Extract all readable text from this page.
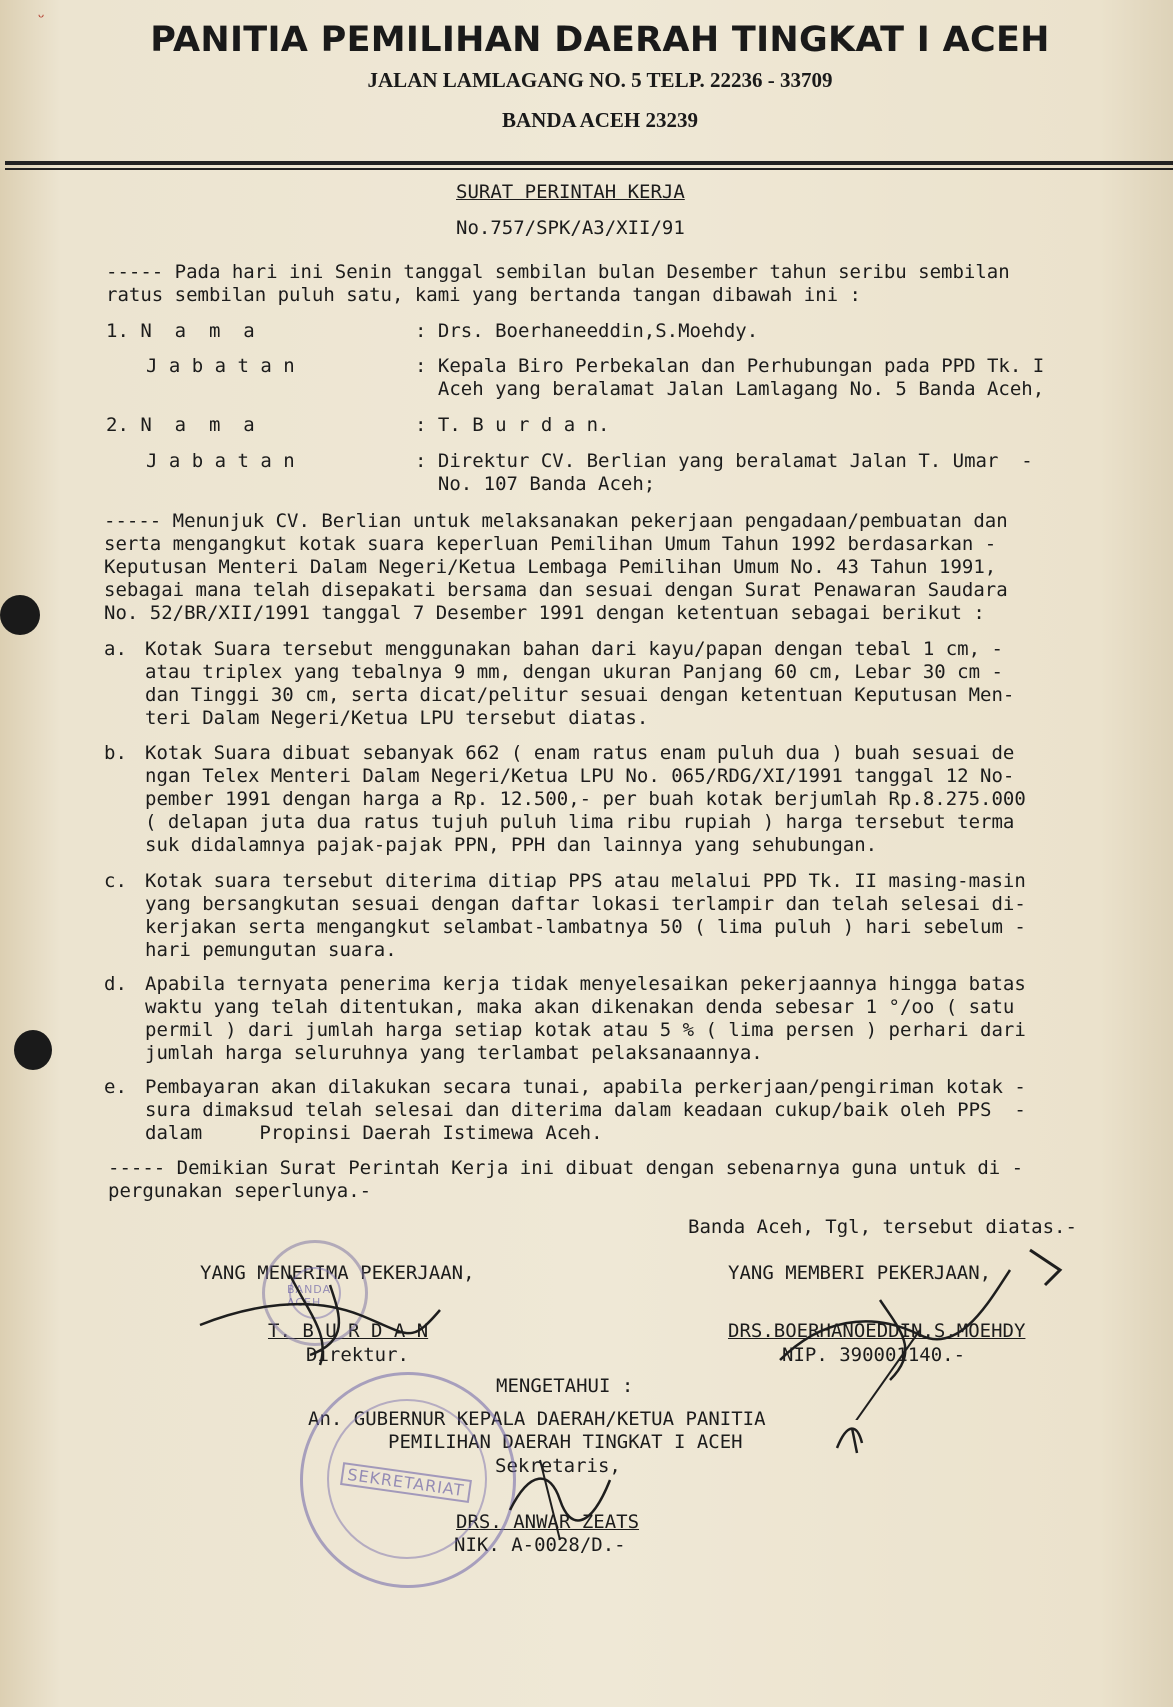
ᵕ
PANITIA PEMILIHAN DAERAH TINGKAT I ACEH
JALAN LAMLAGANG NO. 5 TELP. 22236 - 33709
BANDA ACEH 23239
SURAT PERINTAH KERJA
No.757/SPK/A3/XII/91
----- Pada hari ini Senin tanggal sembilan bulan Desember tahun seribu sembilan
ratus sembilan puluh satu, kami yang bertanda tangan dibawah ini :
1. N  a  m  a	: Drs. Boerhaneeddin,S.Moehdy.
J a b a t a n	: Kepala Biro Perbekalan dan Perhubungan pada PPD Tk. I
Aceh yang beralamat Jalan Lamlagang No. 5 Banda Aceh,
2. N  a  m  a	: T. B u r d a n.
J a b a t a n	: Direktur CV. Berlian yang beralamat Jalan T. Umar  -
No. 107 Banda Aceh;
----- Menunjuk CV. Berlian untuk melaksanakan pekerjaan pengadaan/pembuatan dan
serta mengangkut kotak suara keperluan Pemilihan Umum Tahun 1992 berdasarkan -
Keputusan Menteri Dalam Negeri/Ketua Lembaga Pemilihan Umum No. 43 Tahun 1991,
sebagai mana telah disepakati bersama dan sesuai dengan Surat Penawaran Saudara
No. 52/BR/XII/1991 tanggal 7 Desember 1991 dengan ketentuan sebagai berikut :
a. Kotak Suara tersebut menggunakan bahan dari kayu/papan dengan tebal 1 cm, -
atau triplex yang tebalnya 9 mm, dengan ukuran Panjang 60 cm, Lebar 30 cm -
dan Tinggi 30 cm, serta dicat/pelitur sesuai dengan ketentuan Keputusan Men-
teri Dalam Negeri/Ketua LPU tersebut diatas.
b. Kotak Suara dibuat sebanyak 662 ( enam ratus enam puluh dua ) buah sesuai de
ngan Telex Menteri Dalam Negeri/Ketua LPU No. 065/RDG/XI/1991 tanggal 12 No-
pember 1991 dengan harga a Rp. 12.500,- per buah kotak berjumlah Rp.8.275.000
( delapan juta dua ratus tujuh puluh lima ribu rupiah ) harga tersebut terma
suk didalamnya pajak-pajak PPN, PPH dan lainnya yang sehubungan.
c. Kotak suara tersebut diterima ditiap PPS atau melalui PPD Tk. II masing-masin
yang bersangkutan sesuai dengan daftar lokasi terlampir dan telah selesai di-
kerjakan serta mengangkut selambat-lambatnya 50 ( lima puluh ) hari sebelum -
hari pemungutan suara.
d. Apabila ternyata penerima kerja tidak menyelesaikan pekerjaannya hingga batas
waktu yang telah ditentukan, maka akan dikenakan denda sebesar 1 °/oo ( satu
permil ) dari jumlah harga setiap kotak atau 5 % ( lima persen ) perhari dari
jumlah harga seluruhnya yang terlambat pelaksanaannya.
e. Pembayaran akan dilakukan secara tunai, apabila perkerjaan/pengiriman kotak -
sura dimaksud telah selesai dan diterima dalam keadaan cukup/baik oleh PPS  -
dalam     Propinsi Daerah Istimewa Aceh.
----- Demikian Surat Perintah Kerja ini dibuat dengan sebenarnya guna untuk di -
pergunakan seperlunya.-
Banda Aceh, Tgl, tersebut diatas.-
YANG MENERIMA PEKERJAAN,	YANG MEMBERI PEKERJAAN,
T. B U R D A N
Direktur.
DRS.BOERHANOEDDIN.S.MOEHDY
NIP. 390001140.-
MENGETAHUI :
An. GUBERNUR KEPALA DAERAH/KETUA PANITIA
PEMILIHAN DAERAH TINGKAT I ACEH
Sekretaris,
DRS. ANWAR ZEATS
NIK. A-0028/D.-
BANDA ACEH
SEKRETARIAT
